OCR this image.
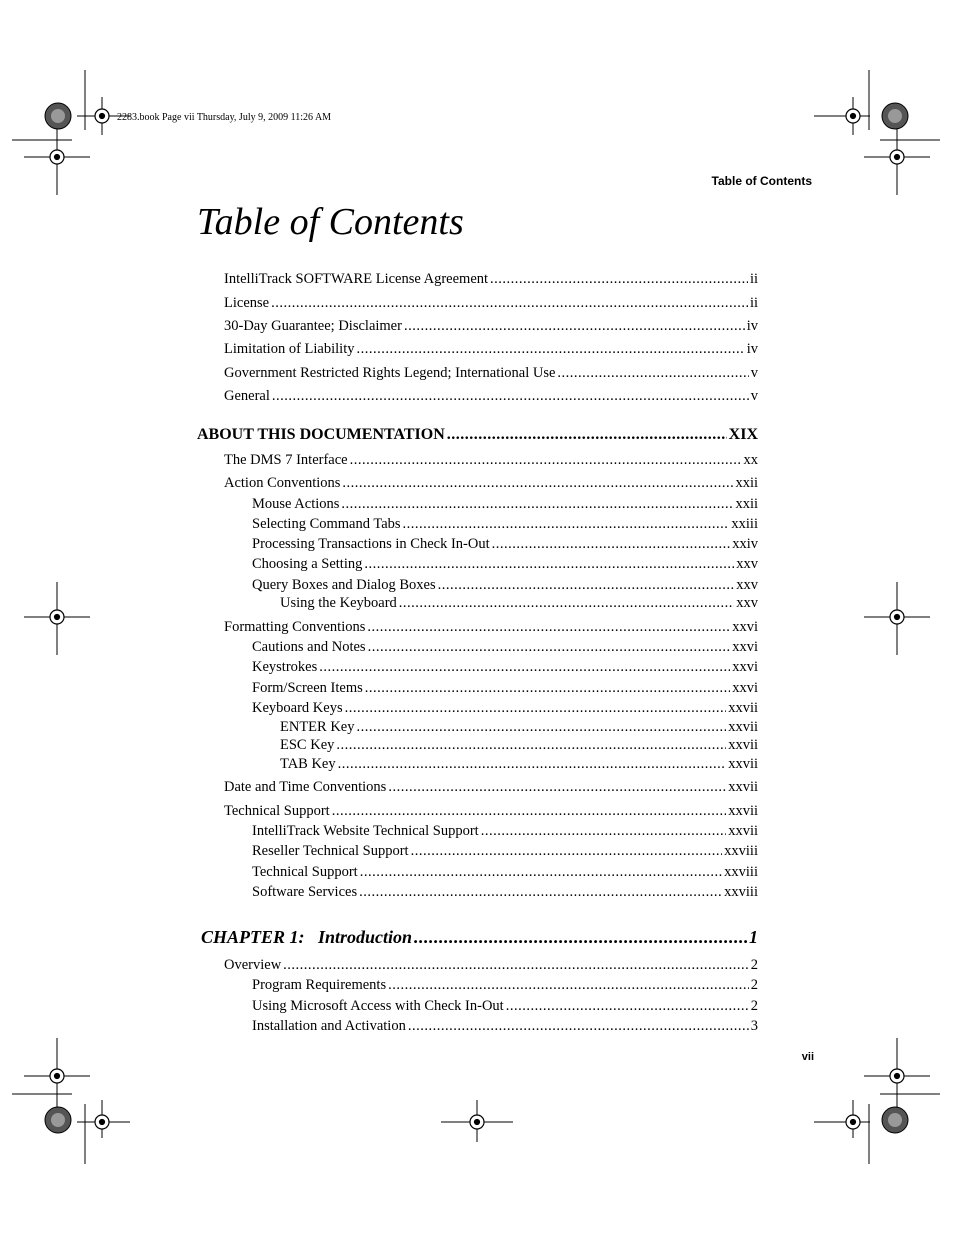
2283.book Page vii Thursday, July 9, 2009 11:26 AM
Table of Contents
Table of Contents
IntelliTrack SOFTWARE License Agreement .....	ii
License .....	ii
30-Day Guarantee; Disclaimer .....	iv
Limitation of Liability .....	iv
Government Restricted Rights Legend; International Use .....	v
General .....	v
ABOUT THIS DOCUMENTATION .....	XIX
The DMS 7 Interface .....	xx
Action Conventions .....	xxii
Mouse Actions .....	xxii
Selecting Command Tabs .....	xxiii
Processing Transactions in Check In-Out .....	xxiv
Choosing a Setting .....	xxv
Query Boxes and Dialog Boxes .....	xxv
Using the Keyboard .....	xxv
Formatting Conventions .....	xxvi
Cautions and Notes .....	xxvi
Keystrokes .....	xxvi
Form/Screen Items .....	xxvi
Keyboard Keys .....	xxvii
ENTER Key .....	xxvii
ESC Key .....	xxvii
TAB Key .....	xxvii
Date and Time Conventions .....	xxvii
Technical Support .....	xxvii
IntelliTrack Website Technical Support .....	xxvii
Reseller Technical Support .....	xxviii
Technical Support .....	xxviii
Software Services .....	xxviii
CHAPTER 1:   Introduction .....	1
Overview .....	2
Program Requirements .....	2
Using Microsoft Access with Check In-Out .....	2
Installation and Activation .....	3
vii
